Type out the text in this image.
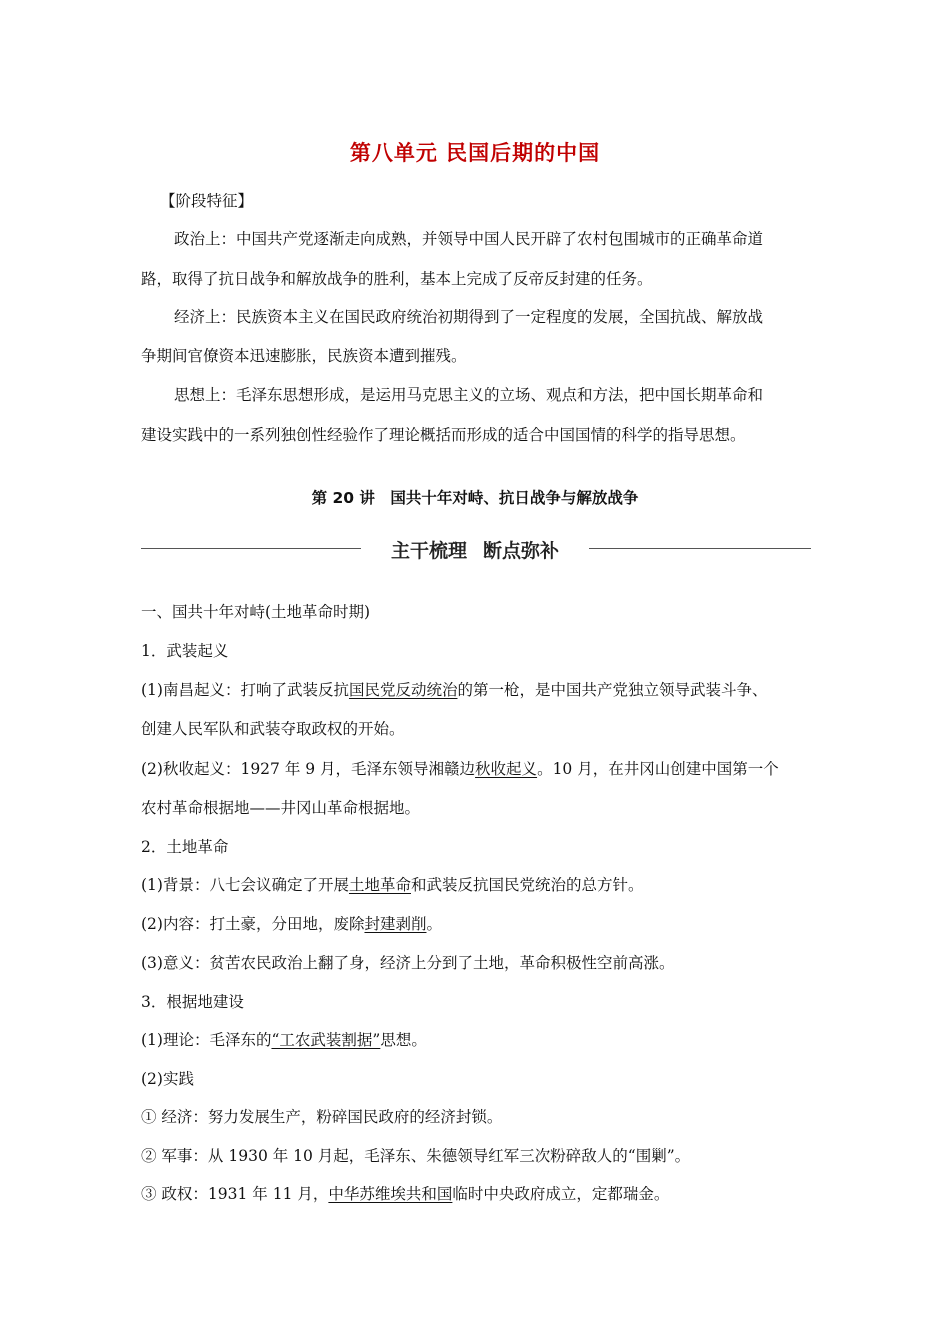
第八单元 民国后期的中国
【阶段特征】
政治上：中国共产党逐渐走向成熟，并领导中国人民开辟了农村包围城市的正确革命道
路，取得了抗日战争和解放战争的胜利，基本上完成了反帝反封建的任务。
经济上：民族资本主义在国民政府统治初期得到了一定程度的发展，全国抗战、解放战
争期间官僚资本迅速膨胀，民族资本遭到摧残。
思想上：毛泽东思想形成，是运用马克思主义的立场、观点和方法，把中国长期革命和
建设实践中的一系列独创性经验作了理论概括而形成的适合中国国情的科学的指导思想。
第 20 讲　国共十年对峙、抗日战争与解放战争
主干梳理 断点弥补
一、国共十年对峙(土地革命时期)
1．武装起义
(1)南昌起义：打响了武装反抗国民党反动统治的第一枪，是中国共产党独立领导武装斗争、
创建人民军队和武装夺取政权的开始。
(2)秋收起义：1927 年 9 月，毛泽东领导湘赣边秋收起义。10 月，在井冈山创建中国第一个
农村革命根据地——井冈山革命根据地。
2．土地革命
(1)背景：八七会议确定了开展土地革命和武装反抗国民党统治的总方针。
(2)内容：打土豪，分田地，废除封建剥削。
(3)意义：贫苦农民政治上翻了身，经济上分到了土地，革命积极性空前高涨。
3．根据地建设
(1)理论：毛泽东的“工农武装割据”思想。
(2)实践
① 经济：努力发展生产，粉碎国民政府的经济封锁。
② 军事：从 1930 年 10 月起，毛泽东、朱德领导红军三次粉碎敌人的“围剿”。
③ 政权：1931 年 11 月，中华苏维埃共和国临时中央政府成立，定都瑞金。
